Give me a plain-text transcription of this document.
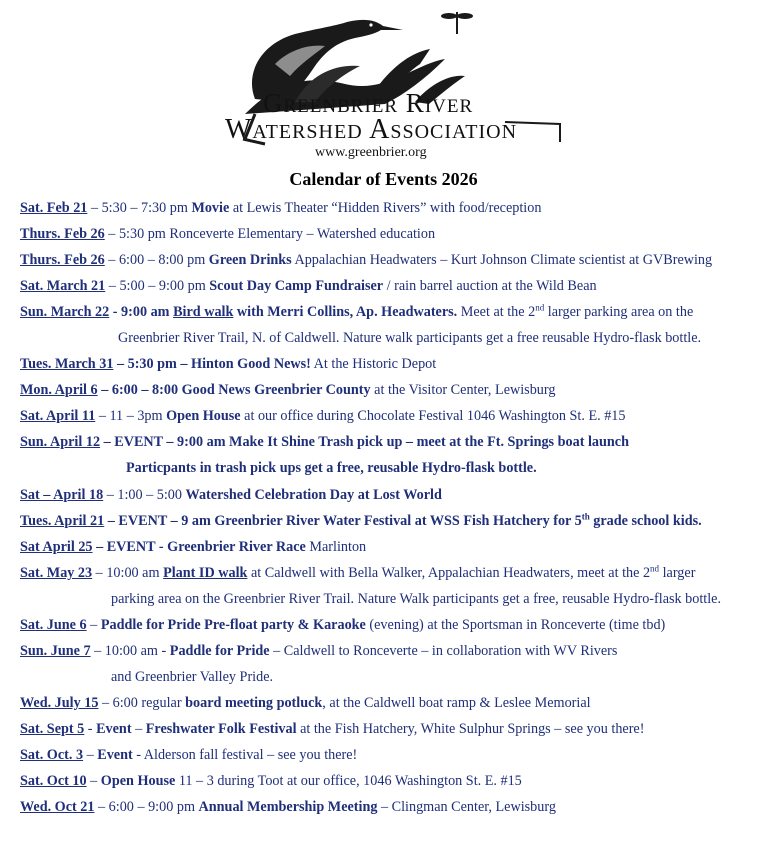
Greenbrier River
Watershed Association
www.greenbrier.org
Calendar of Events 2026
Sat. Feb 21 – 5:30 – 7:30 pm Movie at Lewis Theater “Hidden Rivers” with food/reception
Thurs. Feb 26 – 5:30 pm Ronceverte Elementary – Watershed education
Thurs. Feb 26 – 6:00 – 8:00 pm Green Drinks Appalachian Headwaters – Kurt Johnson Climate scientist at GVBrewing
Sat. March 21 – 5:00 – 9:00 pm Scout Day Camp Fundraiser / rain barrel auction at the Wild Bean
Sun. March 22 - 9:00 am Bird walk with Merri Collins, Ap. Headwaters. Meet at the 2nd larger parking area on the
Greenbrier River Trail, N. of Caldwell. Nature walk participants get a free reusable Hydro-flask bottle.
Tues. March 31 – 5:30 pm – Hinton Good News! At the Historic Depot
Mon. April 6 – 6:00 – 8:00 Good News Greenbrier County at the Visitor Center, Lewisburg
Sat. April 11 – 11 – 3pm Open House at our office during Chocolate Festival 1046 Washington St. E. #15
Sun. April 12 – EVENT – 9:00 am Make It Shine Trash pick up – meet at the Ft. Springs boat launch
Particpants in trash pick ups get a free, reusable Hydro-flask bottle.
Sat – April 18 – 1:00 – 5:00 Watershed Celebration Day at Lost World
Tues. April 21 – EVENT – 9 am Greenbrier River Water Festival at WSS Fish Hatchery for 5th grade school kids.
Sat April 25 – EVENT - Greenbrier River Race Marlinton
Sat. May 23 – 10:00 am Plant ID walk at Caldwell with Bella Walker, Appalachian Headwaters, meet at the 2nd larger
parking area on the Greenbrier River Trail. Nature Walk participants get a free, reusable Hydro-flask bottle.
Sat. June 6 – Paddle for Pride Pre-float party & Karaoke (evening) at the Sportsman in Ronceverte (time tbd)
Sun. June 7 – 10:00 am - Paddle for Pride – Caldwell to Ronceverte – in collaboration with WV Rivers
and Greenbrier Valley Pride.
Wed. July 15 – 6:00 regular board meeting potluck, at the Caldwell boat ramp & Leslee Memorial
Sat. Sept 5 - Event – Freshwater Folk Festival at the Fish Hatchery, White Sulphur Springs – see you there!
Sat. Oct. 3 – Event - Alderson fall festival – see you there!
Sat. Oct 10 – Open House 11 – 3 during Toot at our office, 1046 Washington St. E. #15
Wed. Oct 21 – 6:00 – 9:00 pm Annual Membership Meeting – Clingman Center, Lewisburg
